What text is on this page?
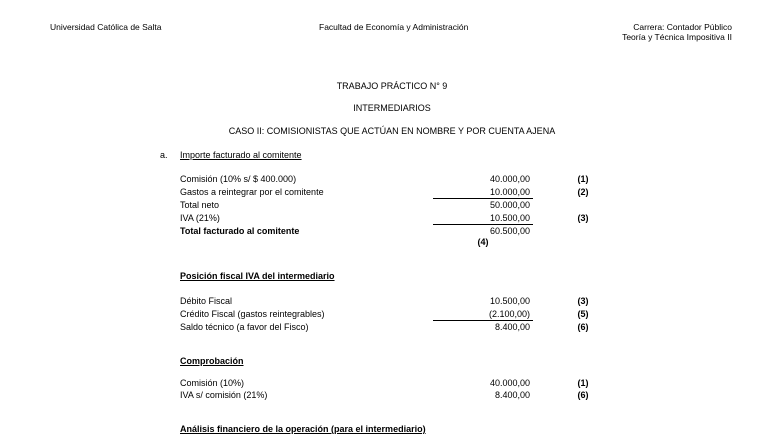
Universidad Católica de Salta	Facultad de Economía y Administración	Carrera: Contador Público
Teoría y Técnica Impositiva II
TRABAJO PRÁCTICO N° 9
INTERMEDIARIOS
CASO II: COMISIONISTAS QUE ACTÚAN EN NOMBRE Y POR CUENTA AJENA
a. Importe facturado al comitente
Comisión (10% s/ $ 400.000)	40.000,00	(1)
Gastos a reintegrar por el comitente	10.000,00	(2)
Total neto	50.000,00
IVA (21%)	10.500,00	(3)
Total facturado al comitente	60.500,00
(4)
Posición fiscal IVA del intermediario
Débito Fiscal	10.500,00	(3)
Crédito Fiscal (gastos reintegrables)	(2.100,00)	(5)
Saldo técnico (a favor del Fisco)	8.400,00	(6)
Comprobación
Comisión (10%)	40.000,00	(1)
IVA s/ comisión (21%)	8.400,00	(6)
Análisis financiero de la operación (para el intermediario)
